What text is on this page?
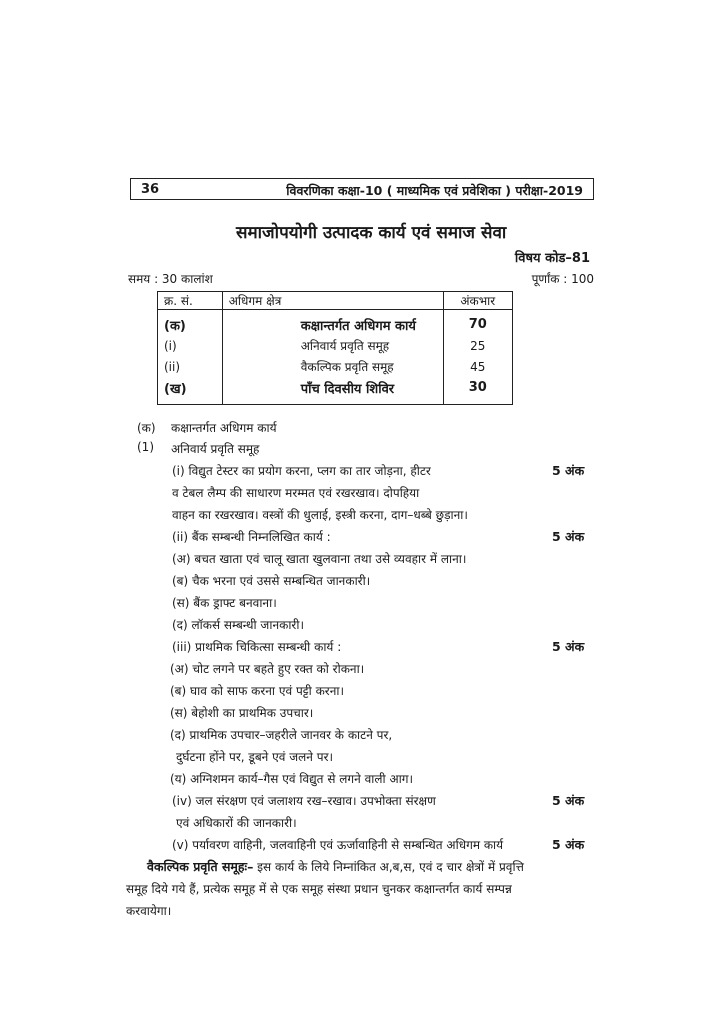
36	विवरणिका कक्षा-10 ( माध्यमिक एवं प्रवेशिका ) परीक्षा-2019
समाजोपयोगी उत्पादक कार्य एवं समाज सेवा
विषय कोड–81
समय : 30 कालांश	पूर्णांक : 100
क्र. सं.	अधिगम क्षेत्र	अंकभार
(क)	कक्षान्तर्गत अधिगम कार्य	70
(i)	अनिवार्य प्रवृति समूह	25
(ii)	वैकल्पिक प्रवृति समूह	45
(ख)	पाँच दिवसीय शिविर	30
(क) कक्षान्तर्गत अधिगम कार्य
(1) अनिवार्य प्रवृति समूह
(i) विद्युत टेस्टर का प्रयोग करना, प्लग का तार जोड़ना, हीटर	5 अंक
व टेबल लैम्प की साधारण मरम्मत एवं रखरखाव। दोपहिया
वाहन का रखरखाव। वस्त्रों की धुलाई, इस्त्री करना, दाग–धब्बे छुड़ाना।
(ii) बैंक सम्बन्धी निम्नलिखित कार्य :	5 अंक
(अ) बचत खाता एवं चालू खाता खुलवाना तथा उसे व्यवहार में लाना।
(ब) चैक भरना एवं उससे सम्बन्धित जानकारी।
(स) बैंक ड्राफ्ट बनवाना।
(द) लॉकर्स सम्बन्धी जानकारी।
(iii) प्राथमिक चिकित्सा सम्बन्धी कार्य :	5 अंक
(अ) चोट लगने पर बहते हुए रक्त को रोकना।
(ब) घाव को साफ करना एवं पट्टी करना।
(स) बेहोशी का प्राथमिक उपचार।
(द) प्राथमिक उपचार–जहरीले जानवर के काटने पर,
दुर्घटना होंने पर, डूबने एवं जलने पर।
(य) अग्निशमन कार्य–गैस एवं विद्युत से लगने वाली आग।
(iv) जल संरक्षण एवं जलाशय रख–रखाव। उपभोक्ता संरक्षण	5 अंक
एवं अधिकारों की जानकारी।
(v) पर्यावरण वाहिनी, जलवाहिनी एवं ऊर्जावाहिनी से सम्बन्धित अधिगम कार्य	5 अंक
वैकल्पिक प्रवृति समूहः– इस कार्य के लिये निम्नांकित अ,ब,स, एवं द चार क्षेत्रों में प्रवृत्ति
समूह दिये गये हैं, प्रत्येक समूह में से एक समूह संस्था प्रधान चुनकर कक्षान्तर्गत कार्य सम्पन्न
करवायेगा।
